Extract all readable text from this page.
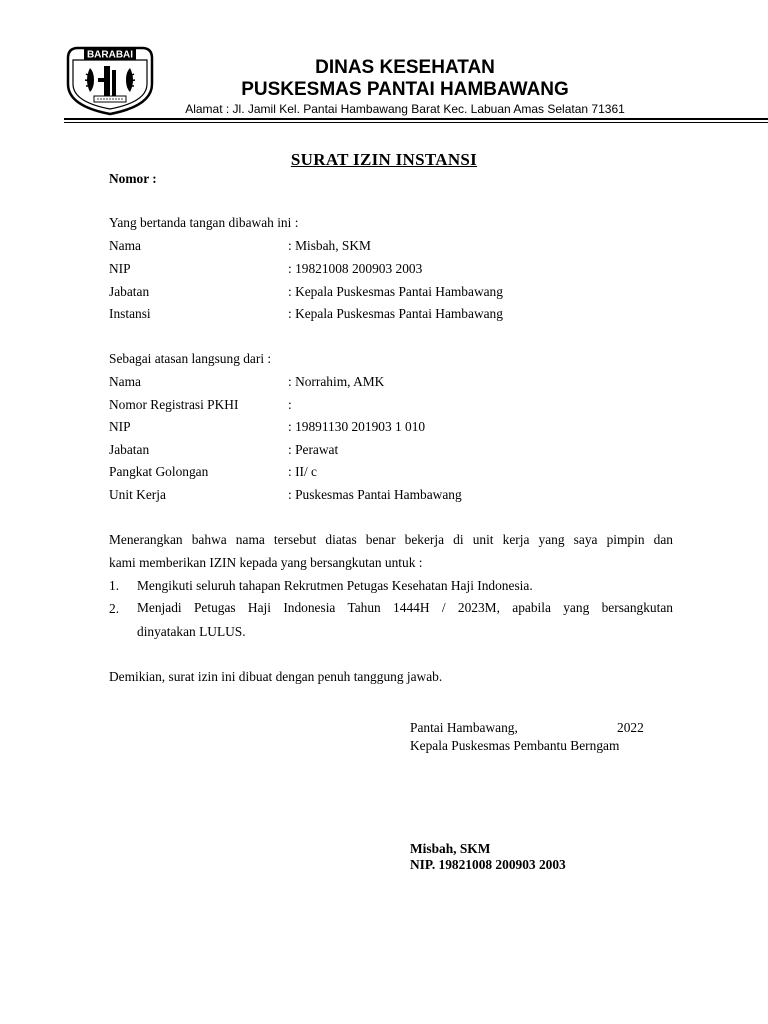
BARABAI
DINAS KESEHATAN
PUSKESMAS PANTAI HAMBAWANG
Alamat : Jl. Jamil Kel. Pantai Hambawang Barat Kec. Labuan Amas Selatan 71361
SURAT IZIN INSTANSI
Nomor :
Yang bertanda tangan dibawah ini :
Nama	: Misbah, SKM
NIP	: 19821008 200903 2003
Jabatan	: Kepala Puskesmas Pantai Hambawang
Instansi	: Kepala Puskesmas Pantai Hambawang
Sebagai atasan langsung dari :
Nama	: Norrahim, AMK
Nomor Registrasi PKHI	:
NIP	: 19891130 201903 1 010
Jabatan	: Perawat
Pangkat Golongan	: II/ c
Unit Kerja	: Puskesmas Pantai Hambawang
Menerangkan bahwa nama tersebut diatas benar bekerja di unit kerja yang saya pimpin dan
kami memberikan IZIN kepada yang bersangkutan untuk :
1. Mengikuti seluruh tahapan Rekrutmen Petugas Kesehatan Haji Indonesia.
2. Menjadi Petugas Haji Indonesia Tahun 1444H / 2023M, apabila yang bersangkutan
dinyatakan LULUS.
Demikian, surat izin ini dibuat dengan penuh tanggung jawab.
Pantai Hambawang,	2022
Kepala Puskesmas Pembantu Berngam
Misbah, SKM
NIP. 19821008 200903 2003
